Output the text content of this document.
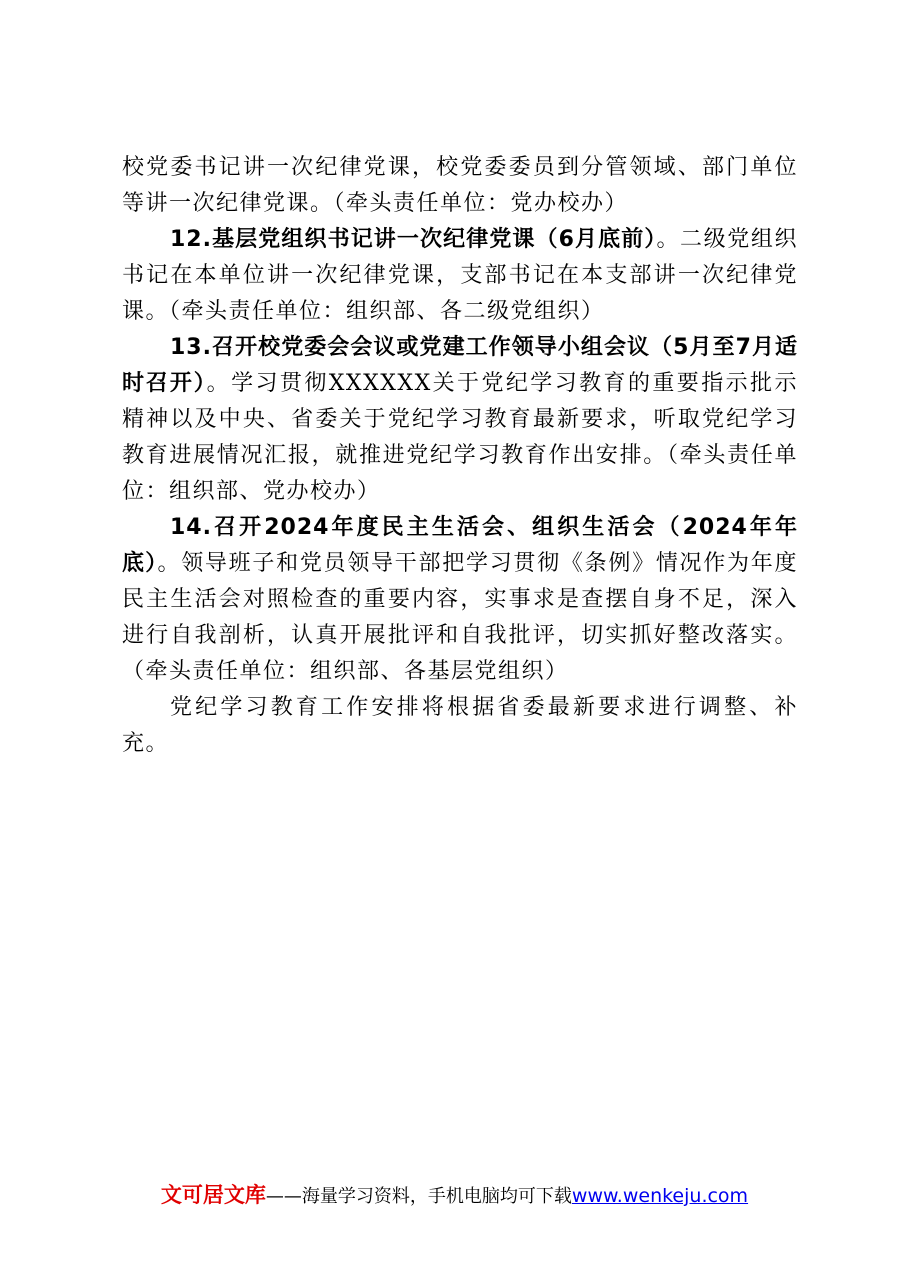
校党委书记讲一次纪律党课，校党委委员到分管领域、部门单位等讲一次纪律党课。（牵头责任单位：党办校办）

12.基层党组织书记讲一次纪律党课（6月底前）。二级党组织书记在本单位讲一次纪律党课，支部书记在本支部讲一次纪律党课。（牵头责任单位：组织部、各二级党组织）

13.召开校党委会会议或党建工作领导小组会议（5月至7月适时召开）。学习贯彻XXXXXX关于党纪学习教育的重要指示批示精神以及中央、省委关于党纪学习教育最新要求，听取党纪学习教育进展情况汇报，就推进党纪学习教育作出安排。（牵头责任单位：组织部、党办校办）

14.召开2024年度民主生活会、组织生活会（2024年年底）。领导班子和党员领导干部把学习贯彻《条例》情况作为年度民主生活会对照检查的重要内容，实事求是查摆自身不足，深入进行自我剖析，认真开展批评和自我批评，切实抓好整改落实。（牵头责任单位：组织部、各基层党组织）

党纪学习教育工作安排将根据省委最新要求进行调整、补充。

文可居文库——海量学习资料，手机电脑均可下载www.wenkeju.com
